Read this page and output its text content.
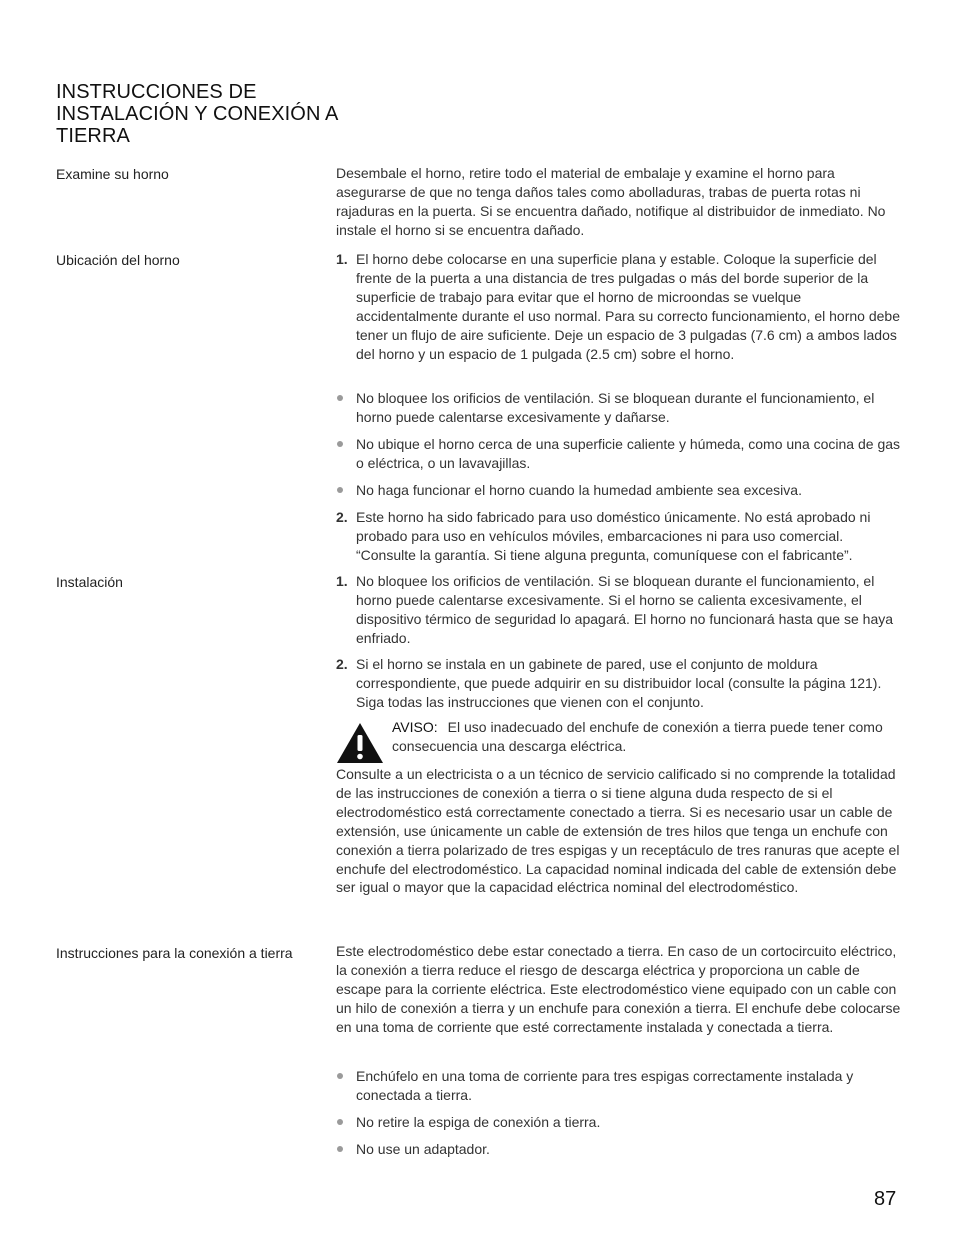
INSTRUCCIONES DE INSTALACIÓN Y CONEXIÓN A TIERRA
Examine su horno	Desembale el horno, retire todo el material de embalaje y examine el horno para asegurarse de que no tenga daños tales como abolladuras, trabas de puerta rotas ni rajaduras en la puerta. Si se encuentra dañado, notifique al distribuidor de inmediato. No instale el horno si se encuentra dañado.

Ubicación del horno	1. El horno debe colocarse en una superficie plana y estable. Coloque la superficie del frente de la puerta a una distancia de tres pulgadas o más del borde superior de la superficie de trabajo para evitar que el horno de microondas se vuelque accidentalmente durante el uso normal. Para su correcto funcionamiento, el horno debe tener un flujo de aire suficiente. Deje un espacio de 3 pulgadas (7.6 cm) a ambos lados del horno y un espacio de 1 pulgada (2.5 cm) sobre el horno.
No bloquee los orificios de ventilación. Si se bloquean durante el funcionamiento, el horno puede calentarse excesivamente y dañarse.
No ubique el horno cerca de una superficie caliente y húmeda, como una cocina de gas o eléctrica, o un lavavajillas.
No haga funcionar el horno cuando la humedad ambiente sea excesiva.
2. Este horno ha sido fabricado para uso doméstico únicamente. No está aprobado ni probado para uso en vehículos móviles, embarcaciones ni para uso comercial. “Consulte la garantía. Si tiene alguna pregunta, comuníquese con el fabricante”.
Instalación	1. No bloquee los orificios de ventilación. Si se bloquean durante el funcionamiento, el horno puede calentarse excesivamente. Si el horno se calienta excesivamente, el dispositivo térmico de seguridad lo apagará. El horno no funcionará hasta que se haya enfriado.
2. Si el horno se instala en un gabinete de pared, use el conjunto de moldura correspondiente, que puede adquirir en su distribuidor local (consulte la página 121). Siga todas las instrucciones que vienen con el conjunto.
AVISO: El uso inadecuado del enchufe de conexión a tierra puede tener como consecuencia una descarga eléctrica.

Consulte a un electricista o a un técnico de servicio calificado si no comprende la totalidad de las instrucciones de conexión a tierra o si tiene alguna duda respecto de si el electrodoméstico está correctamente conectado a tierra. Si es necesario usar un cable de extensión, use únicamente un cable de extensión de tres hilos que tenga un enchufe con conexión a tierra polarizado de tres espigas y un receptáculo de tres ranuras que acepte el enchufe del electrodoméstico. La capacidad nominal indicada del cable de extensión debe ser igual o mayor que la capacidad eléctrica nominal del electrodoméstico.

Instrucciones para la conexión a tierra	Este electrodoméstico debe estar conectado a tierra. En caso de un cortocircuito eléctrico, la conexión a tierra reduce el riesgo de descarga eléctrica y proporciona un cable de escape para la corriente eléctrica. Este electrodoméstico viene equipado con un cable con un hilo de conexión a tierra y un enchufe para conexión a tierra. El enchufe debe colocarse en una toma de corriente que esté correctamente instalada y conectada a tierra.

Enchúfelo en una toma de corriente para tres espigas correctamente instalada y conectada a tierra.
No retire la espiga de conexión a tierra.
No use un adaptador.
87
